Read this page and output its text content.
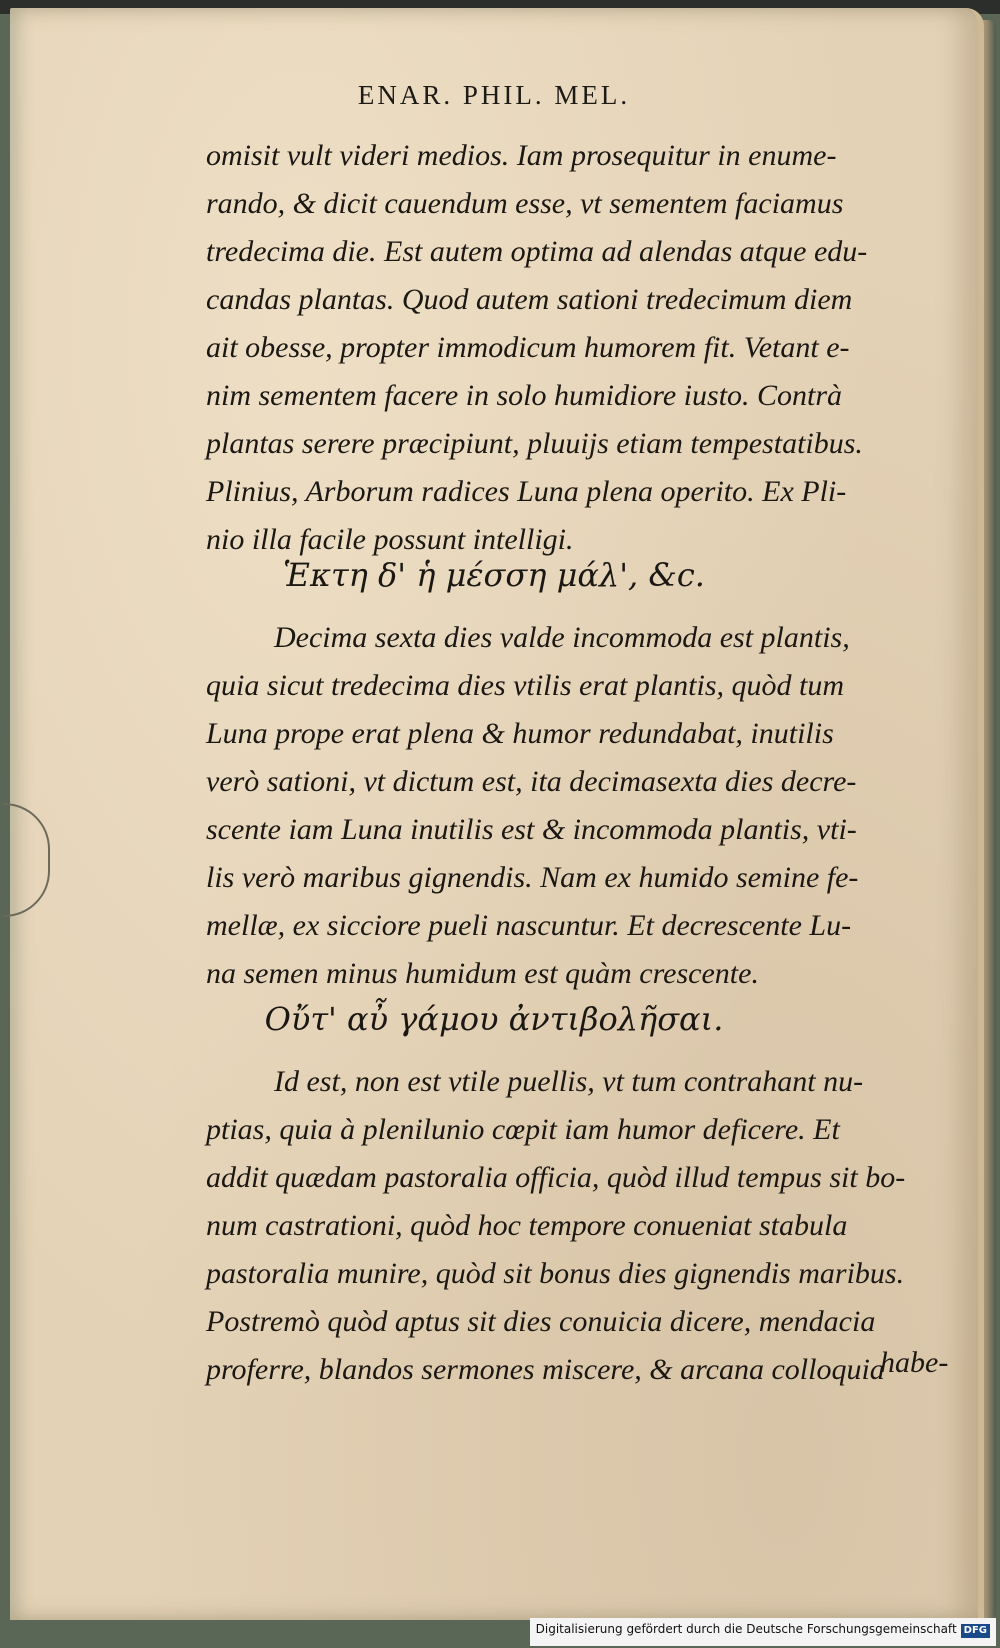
ENAR. PHIL. MEL.
omisit vult videri medios. Iam prosequitur in enume-
rando, & dicit cauendum esse, vt sementem faciamus
tredecima die. Est autem optima ad alendas atque edu-
candas plantas. Quod autem sationi tredecimum diem
ait obesse, propter immodicum humorem fit. Vetant e-
nim sementem facere in solo humidiore iusto. Contrà
plantas serere præcipiunt, pluuijs etiam tempestatibus.
Plinius, Arborum radices Luna plena operito. Ex Pli-
nio illa facile possunt intelligi.
Ἑκτη δ' ἡ μέσση μάλ', &c.
Decima sexta dies valde incommoda est plantis,
quia sicut tredecima dies vtilis erat plantis, quòd tum
Luna prope erat plena & humor redundabat, inutilis
verò sationi, vt dictum est, ita decimasexta dies decre-
scente iam Luna inutilis est & incommoda plantis, vti-
lis verò maribus gignendis. Nam ex humido semine fe-
mellæ, ex sicciore pueli nascuntur. Et decrescente Lu-
na semen minus humidum est quàm crescente.
Οὔτ' αὖ γάμου ἀντιβολῆσαι.
Id est, non est vtile puellis, vt tum contrahant nu-
ptias, quia à plenilunio cœpit iam humor deficere. Et
addit quædam pastoralia officia, quòd illud tempus sit bo-
num castrationi, quòd hoc tempore conueniat stabula
pastoralia munire, quòd sit bonus dies gignendis maribus.
Postremò quòd aptus sit dies conuicia dicere, mendacia
proferre, blandos sermones miscere, & arcana colloquia
habe-
Digitalisierung gefördert durch die Deutsche Forschungsgemeinschaft DFG
